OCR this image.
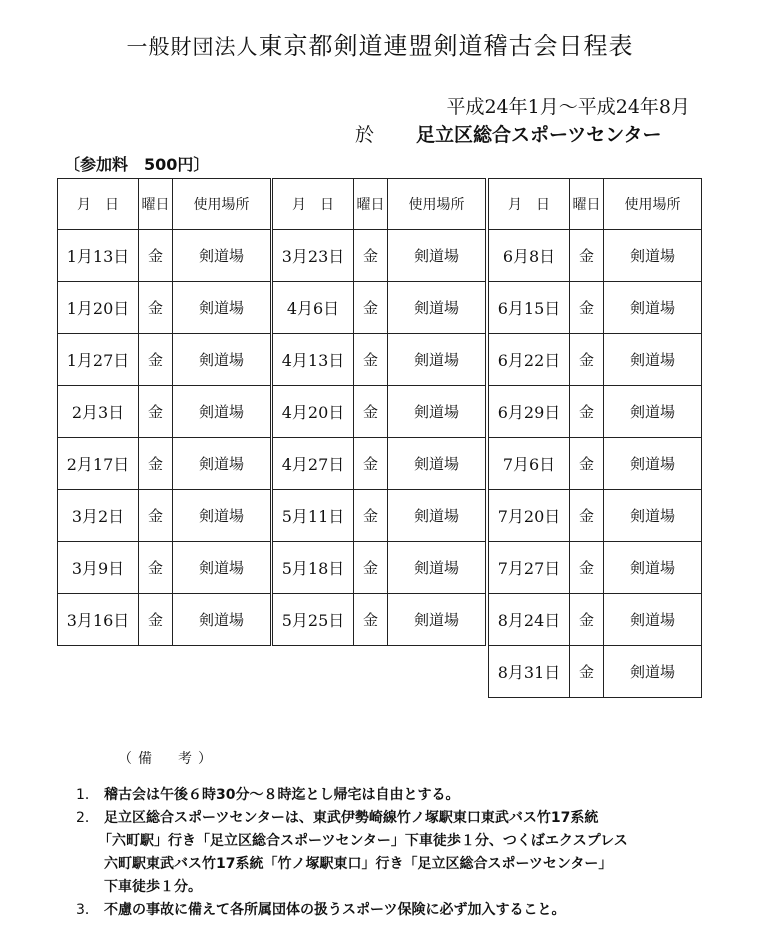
一般財団法人東京都剣道連盟剣道稽古会日程表
平成24年1月～平成24年8月
於 足立区総合スポーツセンター
〔参加料　500円〕
月　日	曜日	使用場所
1月13日	金	剣道場
1月20日	金	剣道場
1月27日	金	剣道場
2月3日	金	剣道場
2月17日	金	剣道場
3月2日	金	剣道場
3月9日	金	剣道場
3月16日	金	剣道場
月　日	曜日	使用場所
3月23日	金	剣道場
4月6日	金	剣道場
4月13日	金	剣道場
4月20日	金	剣道場
4月27日	金	剣道場
5月11日	金	剣道場
5月18日	金	剣道場
5月25日	金	剣道場
月　日	曜日	使用場所
6月8日	金	剣道場
6月15日	金	剣道場
6月22日	金	剣道場
6月29日	金	剣道場
7月6日	金	剣道場
7月20日	金	剣道場
7月27日	金	剣道場
8月24日	金	剣道場
8月31日	金	剣道場
（備　考）
1． 稽古会は午後６時30分～８時迄とし帰宅は自由とする。
2． 足立区総合スポーツセンターは、東武伊勢崎線竹ノ塚駅東口東武バス竹17系統
「六町駅」行き「足立区総合スポーツセンター」下車徒歩１分、つくばエクスプレス
六町駅東武バス竹17系統「竹ノ塚駅東口」行き「足立区総合スポーツセンター」
下車徒歩１分。
3． 不慮の事故に備えて各所属団体の扱うスポーツ保険に必ず加入すること。
